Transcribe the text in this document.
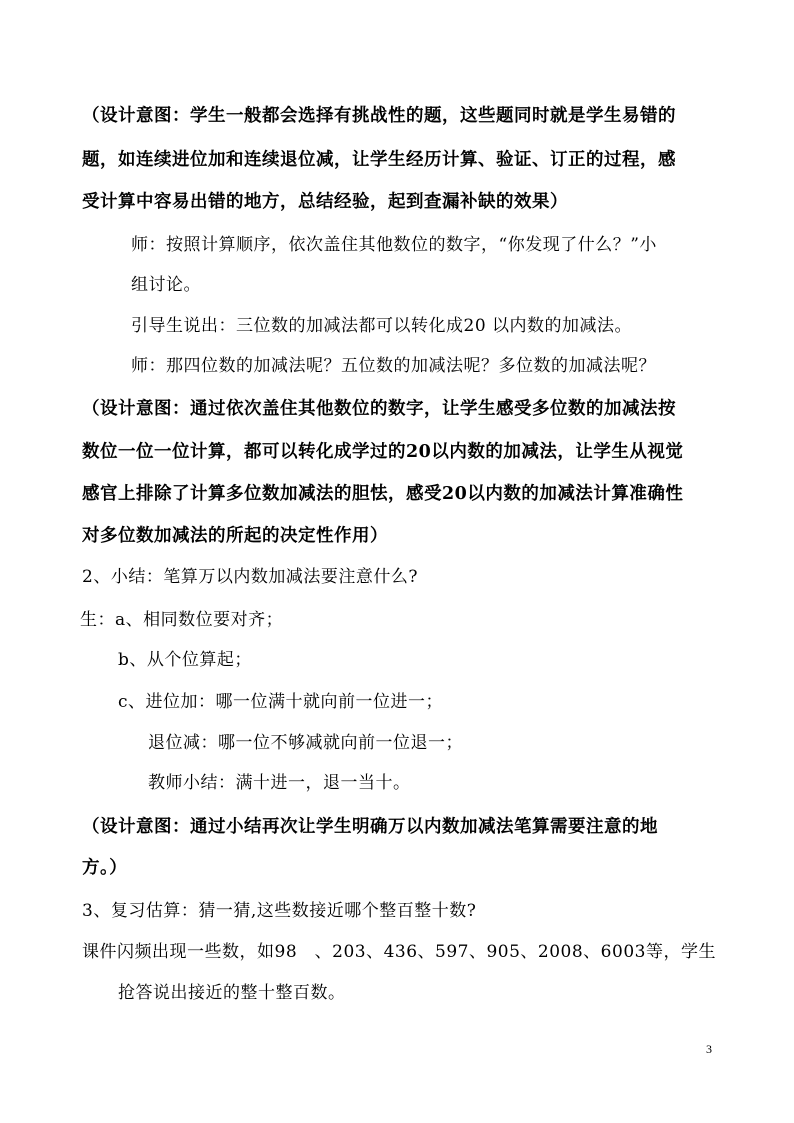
（设计意图：学生一般都会选择有挑战性的题，这些题同时就是学生易错的
题，如连续进位加和连续退位减，让学生经历计算、验证、订正的过程，感
受计算中容易出错的地方，总结经验，起到查漏补缺的效果）
师：按照计算顺序，依次盖住其他数位的数字，“你发现了什么？”小
组讨论。
引导生说出：三位数的加减法都可以转化成20 以内数的加减法。
师：那四位数的加减法呢？五位数的加减法呢？多位数的加减法呢？
（设计意图：通过依次盖住其他数位的数字，让学生感受多位数的加减法按
数位一位一位计算，都可以转化成学过的20以内数的加减法，让学生从视觉
感官上排除了计算多位数加减法的胆怯，感受20以内数的加减法计算准确性
对多位数加减法的所起的决定性作用）
2、小结：笔算万以内数加减法要注意什么?
生：a、相同数位要对齐；
b、从个位算起；
c、进位加：哪一位满十就向前一位进一；
退位减：哪一位不够减就向前一位退一；
教师小结：满十进一，退一当十。
（设计意图：通过小结再次让学生明确万以内数加减法笔算需要注意的地
方。）
3、复习估算：猜一猜,这些数接近哪个整百整十数?
课件闪频出现一些数，如98　、203、436、597、905、2008、6003等，学生
抢答说出接近的整十整百数。
3
